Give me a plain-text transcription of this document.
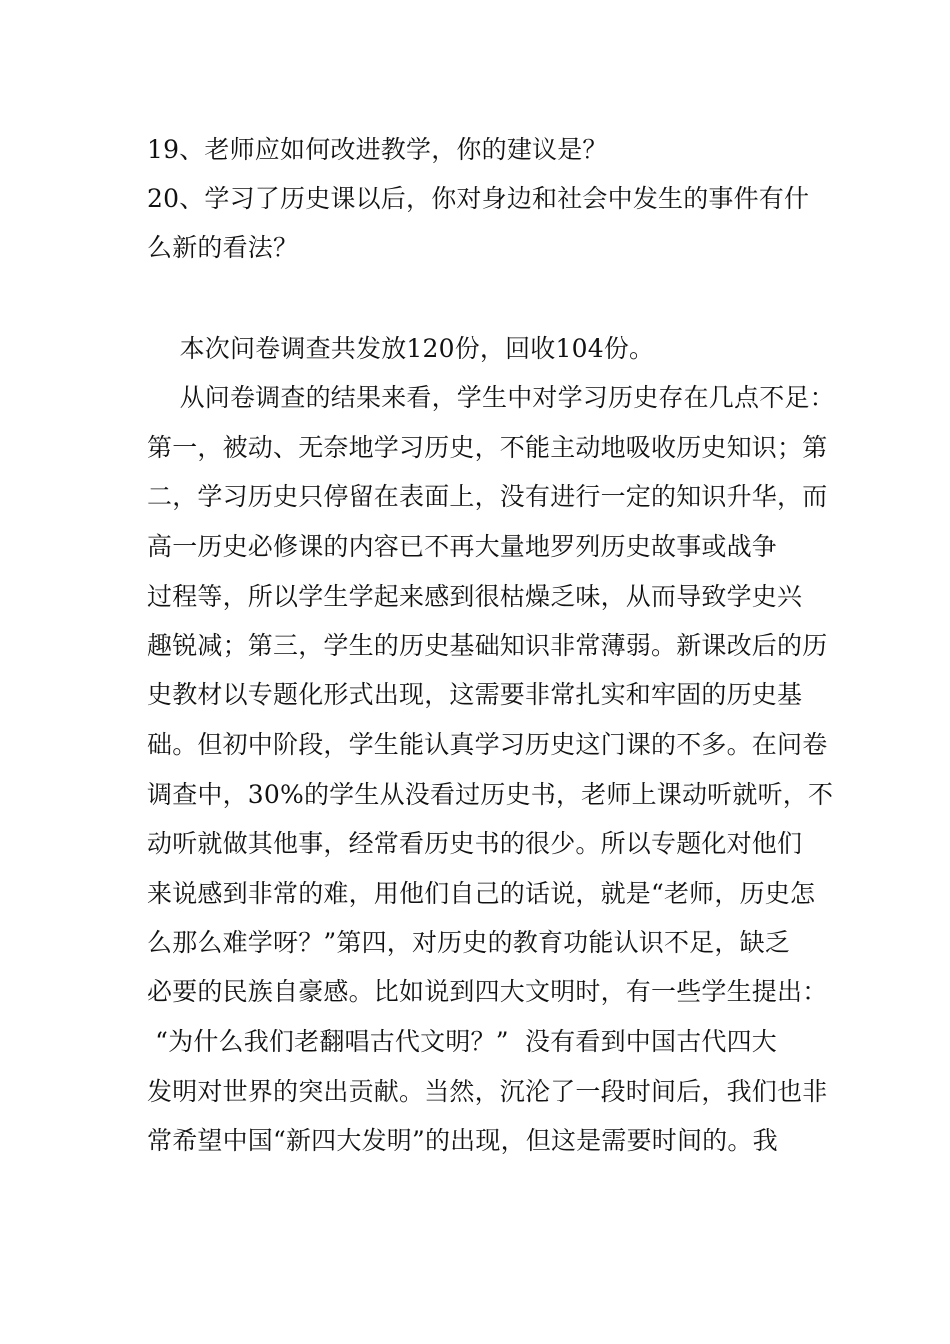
19、老师应如何改进教学，你的建议是？
20、学习了历史课以后，你对身边和社会中发生的事件有什
么新的看法？
本次问卷调查共发放120份，回收104份。
从问卷调查的结果来看，学生中对学习历史存在几点不足：
第一，被动、无奈地学习历史，不能主动地吸收历史知识；第
二，学习历史只停留在表面上，没有进行一定的知识升华，而
高一历史必修课的内容已不再大量地罗列历史故事或战争
过程等，所以学生学起来感到很枯燥乏味，从而导致学史兴
趣锐减；第三，学生的历史基础知识非常薄弱。新课改后的历
史教材以专题化形式出现，这需要非常扎实和牢固的历史基
础。但初中阶段，学生能认真学习历史这门课的不多。在问卷
调查中，30%的学生从没看过历史书，老师上课动听就听，不
动听就做其他事，经常看历史书的很少。所以专题化对他们
来说感到非常的难，用他们自己的话说，就是“老师，历史怎
么那么难学呀？”第四，对历史的教育功能认识不足，缺乏
必要的民族自豪感。比如说到四大文明时，有一些学生提出：
“为什么我们老翻唱古代文明？”  没有看到中国古代四大
发明对世界的突出贡献。当然，沉沦了一段时间后，我们也非
常希望中国“新四大发明”的出现，但这是需要时间的。我
